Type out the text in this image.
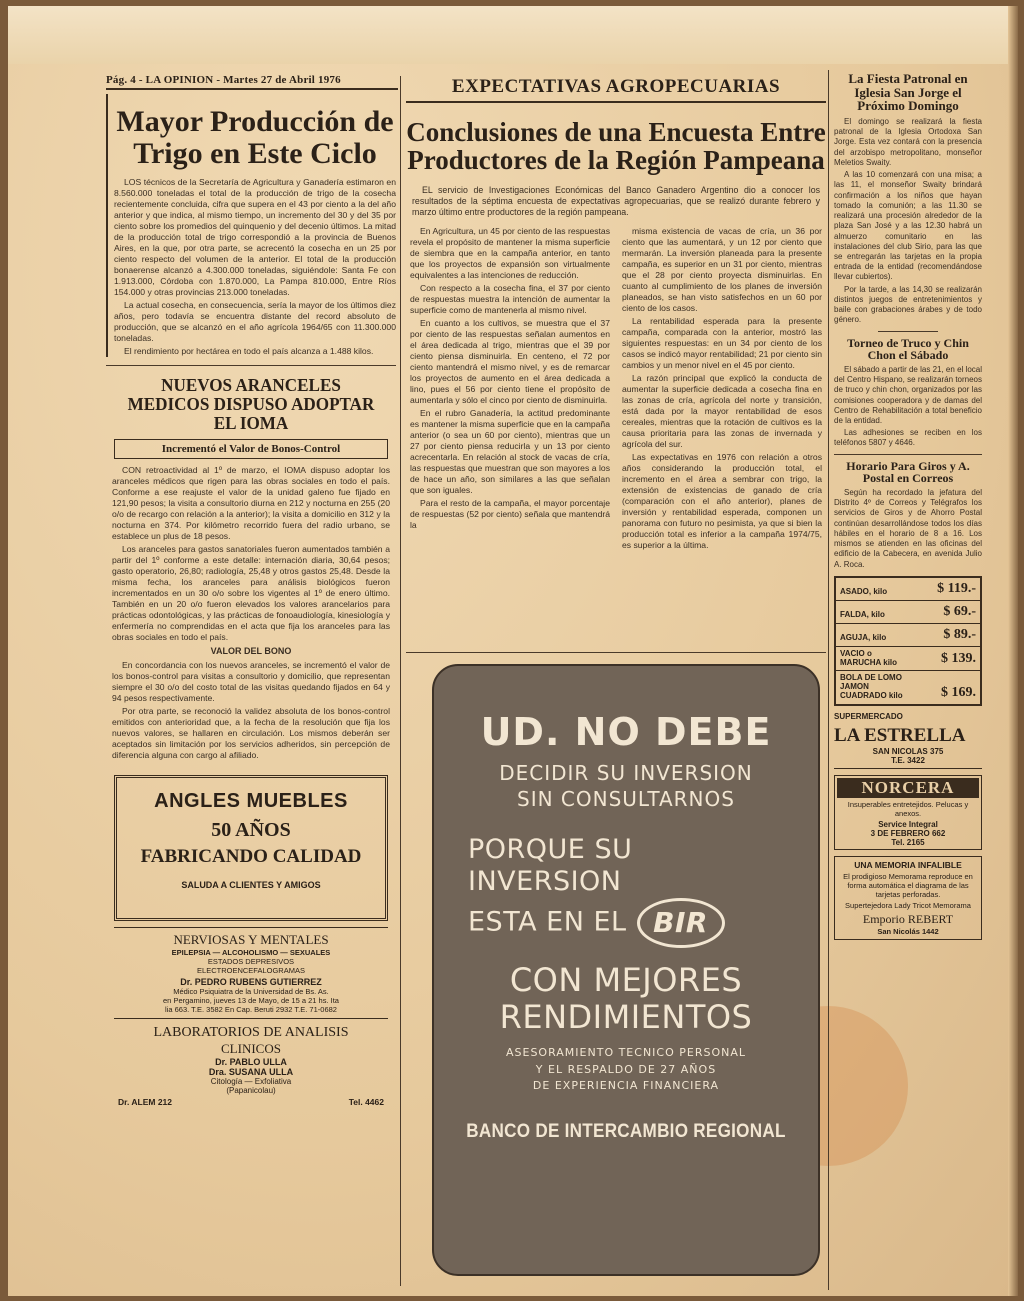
Pág. 4 - LA OPINION - Martes 27 de Abril 1976	EXPECTATIVAS AGROPECUARIAS
Mayor Producción de Trigo en Este Ciclo

LOS técnicos de la Secretaría de Agricultura y Ganadería estimaron en 8.560.000 toneladas el total de la producción de trigo de la cosecha recientemente concluida, cifra que supera en el 43 por ciento a la del año anterior y que indica, al mismo tiempo, un incremento del 30 y del 35 por ciento sobre los promedios del quinquenio y del decenio últimos. La mitad de la producción total de trigo correspondió a la provincia de Buenos Aires, en la que, por otra parte, se acrecentó la cosecha en un 25 por ciento respecto del volumen de la anterior. El total de la producción bonaerense alcanzó a 4.300.000 toneladas, siguiéndole: Santa Fe con 1.913.000, Córdoba con 1.870.000, La Pampa 810.000, Entre Ríos 154.000 y otras provincias 213.000 toneladas.

La actual cosecha, en consecuencia, sería la mayor de los últimos diez años, pero todavía se encuentra distante del record absoluto de producción, que se alcanzó en el año agrícola 1964/65 con 11.300.000 toneladas.

El rendimiento por hectárea en todo el país alcanza a 1.488 kilos.

NUEVOS ARANCELES MEDICOS DISPUSO ADOPTAR EL IOMA
Incrementó el Valor de Bonos-Control

CON retroactividad al 1º de marzo, el IOMA dispuso adoptar los aranceles médicos que rigen para las obras sociales en todo el país. Conforme a ese reajuste el valor de la unidad galeno fue fijado en 121,90 pesos; la visita a consultorio diurna en 212 y nocturna en 255 (20 o/o de recargo con relación a la anterior); la visita a domicilio en 312 y la nocturna en 374. Por kilómetro recorrido fuera del radio urbano, se establece un plus de 18 pesos.

Los aranceles para gastos sanatoriales fueron aumentados también a partir del 1º conforme a este detalle: internación diaria, 30,64 pesos; gasto operatorio, 26,80; radiología, 25,48 y otros gastos 25,48. Desde la misma fecha, los aranceles para análisis biológicos fueron incrementados en un 30 o/o sobre los vigentes al 1º de enero último. También en un 20 o/o fueron elevados los valores arancelarios para prácticas odontológicas, y las prácticas de fonoaudiología, kinesiología y enfermería no comprendidas en el acta que fija los aranceles para las obras sociales en todo el país.

VALOR DEL BONO

En concordancia con los nuevos aranceles, se incrementó el valor de los bonos-control para visitas a consultorio y domicilio, que representan siempre el 30 o/o del costo total de las visitas quedando fijados en 64 y 94 pesos respectivamente.

Por otra parte, se reconoció la validez absoluta de los bonos-control emitidos con anterioridad que, a la fecha de la resolución que fija los nuevos valores, se hallaren en circulación. Los mismos deberán ser aceptados sin limitación por los servicios adheridos, sin percepción de diferencia alguna con cargo al afiliado.

ANGLES MUEBLES
50 AÑOS
FABRICANDO CALIDAD
SALUDA A CLIENTES Y AMIGOS
NERVIOSAS Y MENTALES
EPILEPSIA — ALCOHOLISMO — SEXUALES
ESTADOS DEPRESIVOS
ELECTROENCEFALOGRAMAS
Dr. PEDRO RUBENS GUTIERREZ
Médico Psiquiatra de la Universidad de Bs. As.
en Pergamino, jueves 13 de Mayo, de 15 a 21 hs. Ita
lia 663. T.E. 3582 En Cap. Beruti 2932 T.E. 71-0682
LABORATORIOS DE ANALISIS
CLINICOS
Dr. PABLO ULLA
Dra. SUSANA ULLA
Citología — Exfoliativa
(Papanicolau)
Dr. ALEM 212	Tel. 4462
Conclusiones de una Encuesta Entre Productores de la Región Pampeana

EL servicio de Investigaciones Económicas del Banco Ganadero Argentino dio a conocer los resultados de la séptima encuesta de expectativas agropecuarias, que se realizó durante febrero y marzo último entre productores de la región pampeana.

En Agricultura, un 45 por ciento de las respuestas revela el propósito de mantener la misma superficie de siembra que en la campaña anterior, en tanto que los proyectos de expansión son virtualmente equivalentes a las intenciones de reducción.

Con respecto a la cosecha fina, el 37 por ciento de respuestas muestra la intención de aumentar la superficie como de mantenerla al mismo nivel.

En cuanto a los cultivos, se muestra que el 37 por ciento de las respuestas señalan aumentos en el área dedicada al trigo, mientras que el 39 por ciento piensa disminuirla. En centeno, el 72 por ciento mantendrá el mismo nivel, y es de remarcar los proyectos de aumento en el área dedicada a lino, pues el 56 por ciento tiene el propósito de aumentarla y sólo el cinco por ciento de disminuirla.

En el rubro Ganadería, la actitud predominante es mantener la misma superficie que en la campaña anterior (o sea un 60 por ciento), mientras que un 27 por ciento piensa reducirla y un 13 por ciento acrecentarla. En relación al stock de vacas de cría, las respuestas que muestran que son mayores a los de hace un año, son similares a las que señalan que son iguales.

Para el resto de la campaña, el mayor porcentaje de respuestas (52 por ciento) señala que mantendrá la

misma existencia de vacas de cría, un 36 por ciento que las aumentará, y un 12 por ciento que mermarán. La inversión planeada para la presente campaña, es superior en un 31 por ciento, mientras que el 28 por ciento proyecta disminuirlas. En cuanto al cumplimiento de los planes de inversión planeados, se han visto satisfechos en un 60 por ciento de los casos.

La rentabilidad esperada para la presente campaña, comparada con la anterior, mostró las siguientes respuestas: en un 34 por ciento de los casos se indicó mayor rentabilidad; 21 por ciento sin cambios y un menor nivel en el 45 por ciento.

La razón principal que explicó la conducta de aumentar la superficie dedicada a cosecha fina en las zonas de cría, agrícola del norte y transición, está dada por la mayor rentabilidad de esos cereales, mientras que la rotación de cultivos es la causa prioritaria para las zonas de invernada y agrícola del sur.

Las expectativas en 1976 con relación a otros años considerando la producción total, el incremento en el área a sembrar con trigo, la extensión de existencias de ganado de cría (comparación con el año anterior), planes de inversión y rentabilidad esperada, componen un panorama con futuro no pesimista, ya que si bien la producción total es inferior a la campaña 1974/75, es superior a la última.

UD. NO DEBE
DECIDIR SU INVERSION
SIN CONSULTARNOS
PORQUE SU
INVERSION
ESTA EN EL BIR
CON MEJORES
RENDIMIENTOS
ASESORAMIENTO TECNICO PERSONAL
Y EL RESPALDO DE 27 AÑOS
DE EXPERIENCIA FINANCIERA
BANCO DE INTERCAMBIO REGIONAL
La Fiesta Patronal en Iglesia San Jorge el Próximo Domingo

El domingo se realizará la fiesta patronal de la Iglesia Ortodoxa San Jorge. Esta vez contará con la presencia del arzobispo metropolitano, monseñor Meletios Swaity.

A las 10 comenzará con una misa; a las 11, el monseñor Swaity brindará confirmación a los niños que hayan tomado la comunión; a las 11.30 se realizará una procesión alrededor de la plaza San José y a las 12.30 habrá un almuerzo comunitario en las instalaciones del club Sirio, para las que se entregarán las tarjetas en la propia entrada de la entidad (recomendándose llevar cubiertos).

Por la tarde, a las 14,30 se realizarán distintos juegos de entretenimientos y baile con grabaciones árabes y de todo género.

Torneo de Truco y Chin Chon el Sábado

El sábado a partir de las 21, en el local del Centro Hispano, se realizarán torneos de truco y chin chon, organizados por las comisiones cooperadora y de damas del Centro de Rehabilitación a total beneficio de la entidad.

Las adhesiones se reciben en los teléfonos 5807 y 4646.

Horario Para Giros y A. Postal en Correos

Según ha recordado la jefatura del Distrito 4º de Correos y Telégrafos los servicios de Giros y de Ahorro Postal continúan desarrollándose todos los días hábiles en el horario de 8 a 16. Los mismos se atienden en las oficinas del edificio de la Cabecera, en avenida Julio A. Roca.

ASADO, kilo	$ 119.-
FALDA, kilo	$ 69.-
AGUJA, kilo	$ 89.-
VACIO o MARUCHA kilo	$ 139.
BOLA DE LOMO JAMON CUADRADO kilo	$ 169.
SUPERMERCADO
LA ESTRELLA
SAN NICOLAS 375
T.E. 3422
NORCERA
Insuperables entretejidos. Pelucas y anexos.
Service Integral
3 DE FEBRERO 662
Tel. 2165
UNA MEMORIA INFALIBLE
El prodigioso Memorama reproduce en forma automática el diagrama de las tarjetas perforadas.
Supertejedora Lady Tricot Memorama
Emporio REBERT
San Nicolás 1442
